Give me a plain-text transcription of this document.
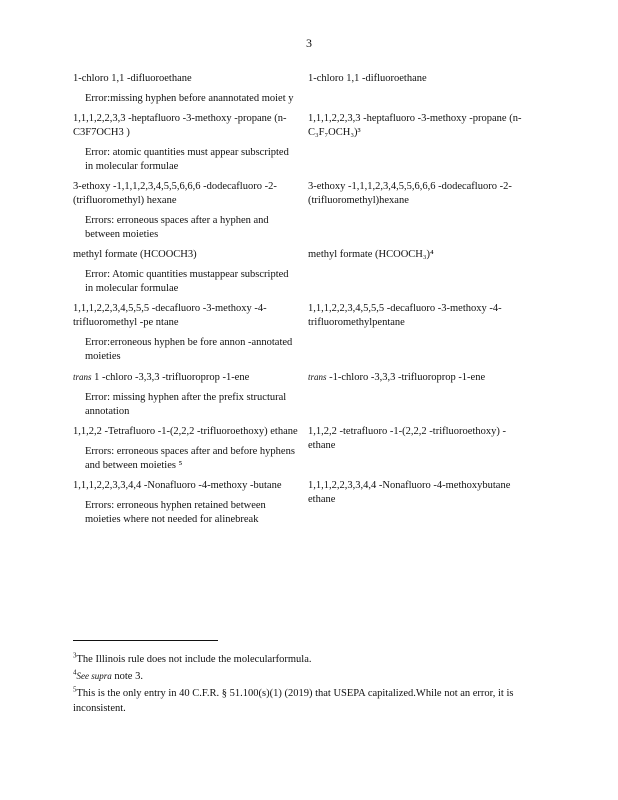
3
1-chloro 1,1 -difluoroethane
Error:missing hyphen before anannotated moiet y
1-chloro 1,1 -difluoroethane
1,1,1,2,2,3,3 -heptafluoro -3-methoxy -propane (n-C3F7OCH3 )
Error: atomic quantities must appear subscripted in molecular formulae
1,1,1,2,2,3,3 -heptafluoro -3-methoxy -propane (n-C₃F₇OCH₃)³
3-ethoxy -1,1,1,2,3,4,5,5,6,6,6 -dodecafluoro -2-(trifluoromethyl) hexane
Errors: erroneous spaces after a hyphen and between moieties
3-ethoxy -1,1,1,2,3,4,5,5,6,6,6 -dodecafluoro -2-(trifluoromethyl)hexane
methyl formate (HCOOCH3)
Error: Atomic quantities mustappear subscripted in molecular formulae
methyl formate (HCOOCH₃)⁴
1,1,1,2,2,3,4,5,5,5 -decafluoro -3-methoxy -4-trifluoromethyl -pe ntane
Error:erroneous hyphen be fore annon -annotated moieties
1,1,1,2,2,3,4,5,5,5 -decafluoro -3-methoxy -4-trifluoromethylpentane
trans 1 -chloro -3,3,3 -trifluoroprop -1-ene
Error: missing hyphen after the prefix structural annotation
trans -1-chloro -3,3,3 -trifluoroprop -1-ene
1,1,2,2 -Tetrafluoro -1-(2,2,2 -trifluoroethoxy) ethane
Errors: erroneous spaces after and before hyphens and between moieties ⁵
1,1,2,2 -tetrafluoro -1-(2,2,2 -trifluoroethoxy) -ethane
1,1,1,2,2,3,3,4,4 -Nonafluoro -4-methoxy -butane
Errors: erroneous hyphen retained between moieties where not needed for alinebreak
1,1,1,2,2,3,3,4,4 -Nonafluoro -4-methoxybutane ethane
$^3$The Illinois rule does not include the molecularformula.
$^4$See supra note 3.
$^5$This is the only entry in 40 C.F.R. § 51.100(s)(1) (2019) that USEPA capitalized.While not an error, it is inconsistent.
